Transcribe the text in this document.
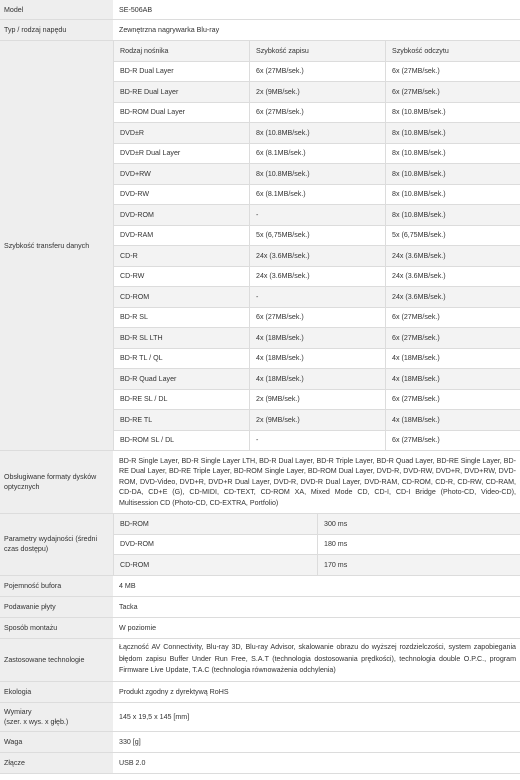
Model	SE-506AB
Typ / rodzaj napędu	Zewnętrzna nagrywarka Blu-ray
Szybkość transferu danych	
Rodzaj nośnika	Szybkość zapisu	Szybkość odczytu
BD-R Dual Layer	6x (27MB/sek.)	6x (27MB/sek.)
BD-RE Dual Layer	2x (9MB/sek.)	6x (27MB/sek.)
BD-ROM Dual Layer	6x (27MB/sek.)	8x (10.8MB/sek.)
DVD±R	8x (10.8MB/sek.)	8x (10.8MB/sek.)
DVD±R Dual Layer	6x (8.1MB/sek.)	8x (10.8MB/sek.)
DVD+RW	8x (10.8MB/sek.)	8x (10.8MB/sek.)
DVD-RW	6x (8.1MB/sek.)	8x (10.8MB/sek.)
DVD-ROM	-	8x (10.8MB/sek.)
DVD-RAM	5x (6,75MB/sek.)	5x (6,75MB/sek.)
CD-R	24x (3.6MB/sek.)	24x (3.6MB/sek.)
CD-RW	24x (3.6MB/sek.)	24x (3.6MB/sek.)
CD-ROM	-	24x (3.6MB/sek.)
BD-R SL	6x (27MB/sek.)	6x (27MB/sek.)
BD-R SL LTH	4x (18MB/sek.)	6x (27MB/sek.)
BD-R TL / QL	4x (18MB/sek.)	4x (18MB/sek.)
BD-R Quad Layer	4x (18MB/sek.)	4x (18MB/sek.)
BD-RE SL / DL	2x (9MB/sek.)	6x (27MB/sek.)
BD-RE TL	2x (9MB/sek.)	4x (18MB/sek.)
BD-ROM SL / DL	-	6x (27MB/sek.)

Obsługiwane formaty dysków optycznych	BD-R Single Layer, BD-R Single Layer LTH, BD-R Dual Layer, BD-R Triple Layer, BD-R Quad Layer, BD-RE Single Layer, BD-RE Dual Layer, BD-RE Triple Layer, BD-ROM Single Layer, BD-ROM Dual Layer, DVD-R, DVD-RW, DVD+R, DVD+RW, DVD-ROM, DVD-Video, DVD+R, DVD+R Dual Layer, DVD-R, DVD-R Dual Layer, DVD-RAM, CD-ROM, CD-R, CD-RW, CD-RAM, CD-DA, CD+E (G), CD-MIDI, CD-TEXT, CD-ROM XA, Mixed Mode CD, CD-I, CD-I Bridge (Photo-CD, Video-CD), Multisession CD (Photo-CD, CD-EXTRA, Portfolio)
Parametry wydajności (średni czas dostępu)	
BD-ROM	300 ms
DVD-ROM	180 ms
CD-ROM	170 ms

Pojemność bufora	4 MB
Podawanie płyty	Tacka
Sposób montażu	W poziomie
Zastosowane technologie	Łączność AV Connectivity, Blu-ray 3D, Blu-ray Advisor, skalowanie obrazu do wyższej rozdzielczości, system zapobiegania błędom zapisu Buffer Under Run Free, S.A.T (technologia dostosowania prędkości), technologia double O.P.C., program Firmware Live Update, T.A.C (technologia równoważenia odchylenia)
Ekologia	Produkt zgodny z dyrektywą RoHS

Wymiary
(szer. x wys. x głęb.)
	145 x 19,5 x 145 [mm]
Waga	330 [g]
Złącze	USB 2.0
